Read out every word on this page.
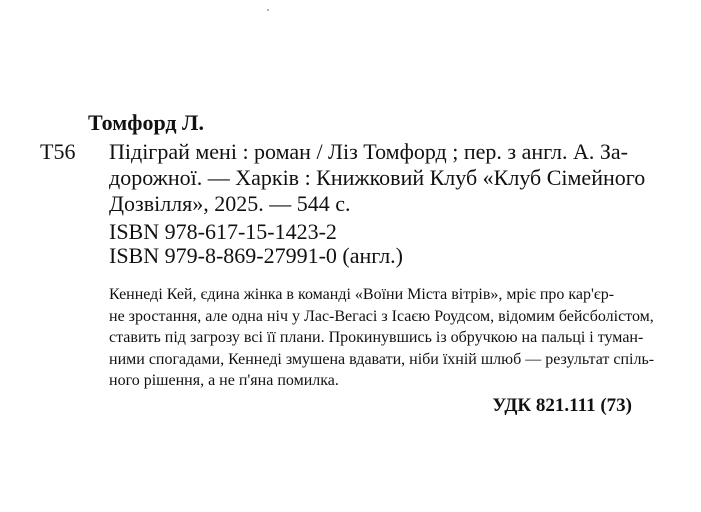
Томфорд Л.
Т56 Підіграй мені : роман / Ліз Томфорд ; пер. з англ. А. За-
дорожної. — Харків : Книжковий Клуб «Клуб Сімейного
Дозвілля», 2025. — 544 с.
ISBN 978-617-15-1423-2
ISBN 979-8-869-27991-0 (англ.)
Кеннеді Кей, єдина жінка в команді «Воїни Міста вітрів», мріє про кар'єр-
не зростання, але одна ніч у Лас-Вегасі з Ісаєю Роудсом, відомим бейсболістом,
ставить під загрозу всі її плани. Прокинувшись із обручкою на пальці і туман-
ними спогадами, Кеннеді змушена вдавати, ніби їхній шлюб — результат спіль-
ного рішення, а не п'яна помилка.
УДК 821.111 (73)
